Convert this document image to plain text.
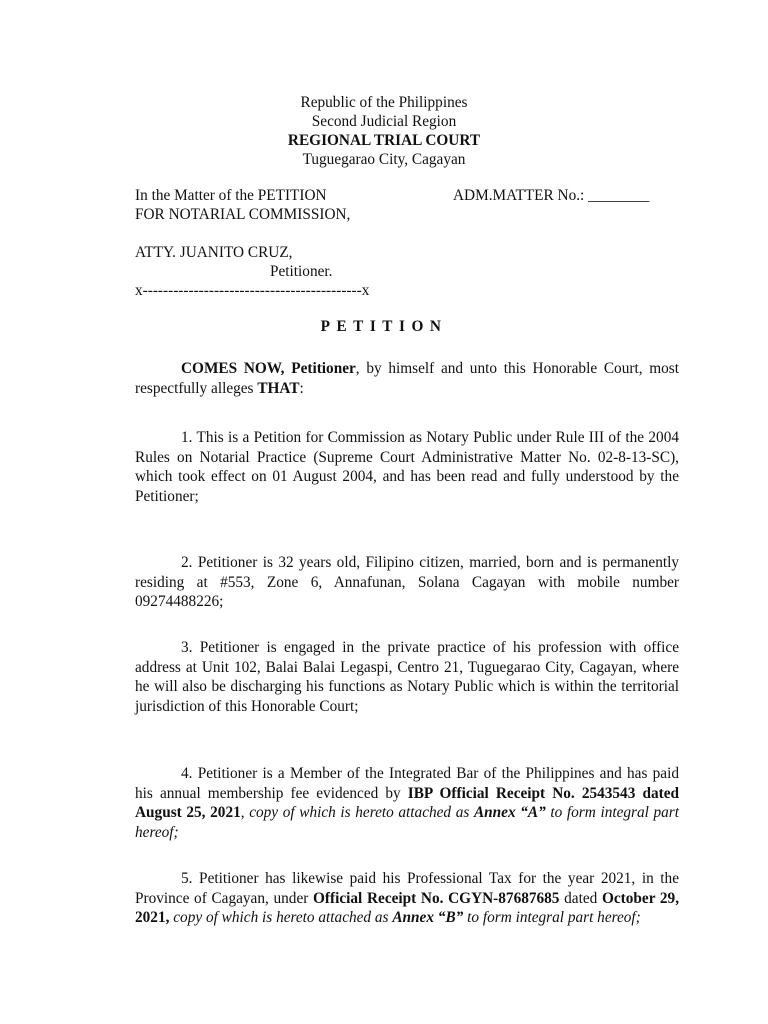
Republic of the Philippines
Second Judicial Region
REGIONAL TRIAL COURT
Tuguegarao City, Cagayan
In the Matter of the PETITION
FOR NOTARIAL COMMISSION,
ADM.MATTER No.: ________
ATTY. JUANITO CRUZ,
Petitioner.
x-------------------------------------------x
PETITION
COMES NOW, Petitioner, by himself and unto this Honorable Court, most respectfully alleges THAT:
1. This is a Petition for Commission as Notary Public under Rule III of the 2004 Rules on Notarial Practice (Supreme Court Administrative Matter No. 02-8-13-SC), which took effect on 01 August 2004, and has been read and fully understood by the Petitioner;
2. Petitioner is 32 years old, Filipino citizen, married, born and is permanently residing at #553, Zone 6, Annafunan, Solana Cagayan with mobile number 09274488226;
3. Petitioner is engaged in the private practice of his profession with office address at Unit 102, Balai Balai Legaspi, Centro 21, Tuguegarao City, Cagayan, where he will also be discharging his functions as Notary Public which is within the territorial jurisdiction of this Honorable Court;
4. Petitioner is a Member of the Integrated Bar of the Philippines and has paid his annual membership fee evidenced by IBP Official Receipt No. 2543543 dated August 25, 2021, copy of which is hereto attached as Annex “A” to form integral part hereof;
5. Petitioner has likewise paid his Professional Tax for the year 2021, in the Province of Cagayan, under Official Receipt No. CGYN-87687685 dated October 29, 2021, copy of which is hereto attached as Annex “B” to form integral part hereof;
